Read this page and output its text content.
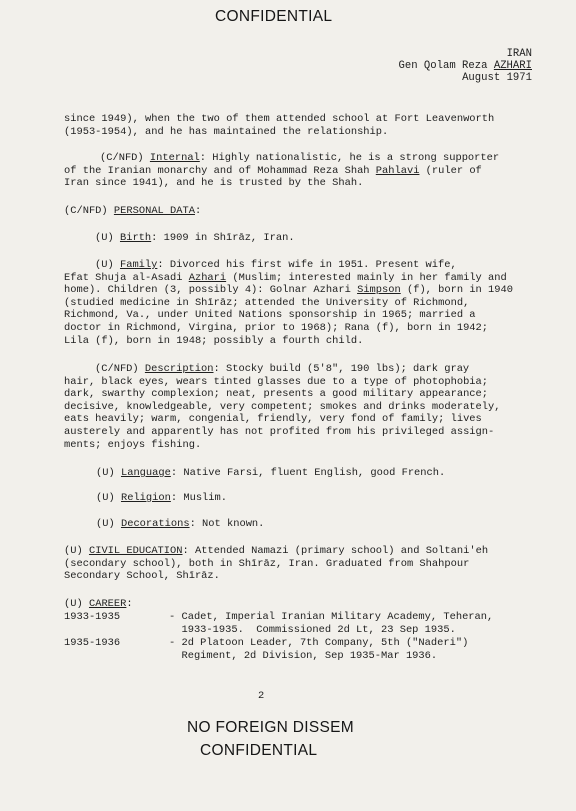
CONFIDENTIAL
IRAN
Gen Qolam Reza AZHARI
August 1971

since 1949), when the two of them attended school at Fort Leavenworth

(1953-1954), and he has maintained the relationship.

(C/NFD) Internal: Highly nationalistic, he is a strong supporter

of the Iranian monarchy and of Mohammad Reza Shah Pahlavi (ruler of

Iran since 1941), and he is trusted by the Shah.

(C/NFD) PERSONAL DATA:

(U) Birth: 1909 in Shīrāz, Iran.

(U) Family: Divorced his first wife in 1951. Present wife,

Efat Shuja al-Asadi Azhari (Muslim; interested mainly in her family and

home). Children (3, possibly 4): Golnar Azhari Simpson (f), born in 1940

(studied medicine in Shīrāz; attended the University of Richmond,

Richmond, Va., under United Nations sponsorship in 1965; married a

doctor in Richmond, Virgina, prior to 1968); Rana (f), born in 1942;

Lila (f), born in 1948; possibly a fourth child.

(C/NFD) Description: Stocky build (5'8", 190 lbs); dark gray

hair, black eyes, wears tinted glasses due to a type of photophobia;

dark, swarthy complexion; neat, presents a good military appearance;

decisive, knowledgeable, very competent; smokes and drinks moderately,

eats heavily; warm, congenial, friendly, very fond of family; lives

austerely and apparently has not profited from his privileged assign-

ments; enjoys fishing.

(U) Language: Native Farsi, fluent English, good French.

(U) Religion: Muslim.

(U) Decorations: Not known.

(U) CIVIL EDUCATION: Attended Namazi (primary school) and Soltani'eh

(secondary school), both in Shīrāz, Iran. Graduated from Shahpour

Secondary School, Shīrāz.

(U) CAREER:

1933-1935	- Cadet, Imperial Iranian Military Academy, Teheran,

1933-1935.  Commissioned 2d Lt, 23 Sep 1935.

1935-1936	- 2d Platoon Leader, 7th Company, 5th ("Naderi")

Regiment, 2d Division, Sep 1935-Mar 1936.

2
NO FOREIGN DISSEM
CONFIDENTIAL
